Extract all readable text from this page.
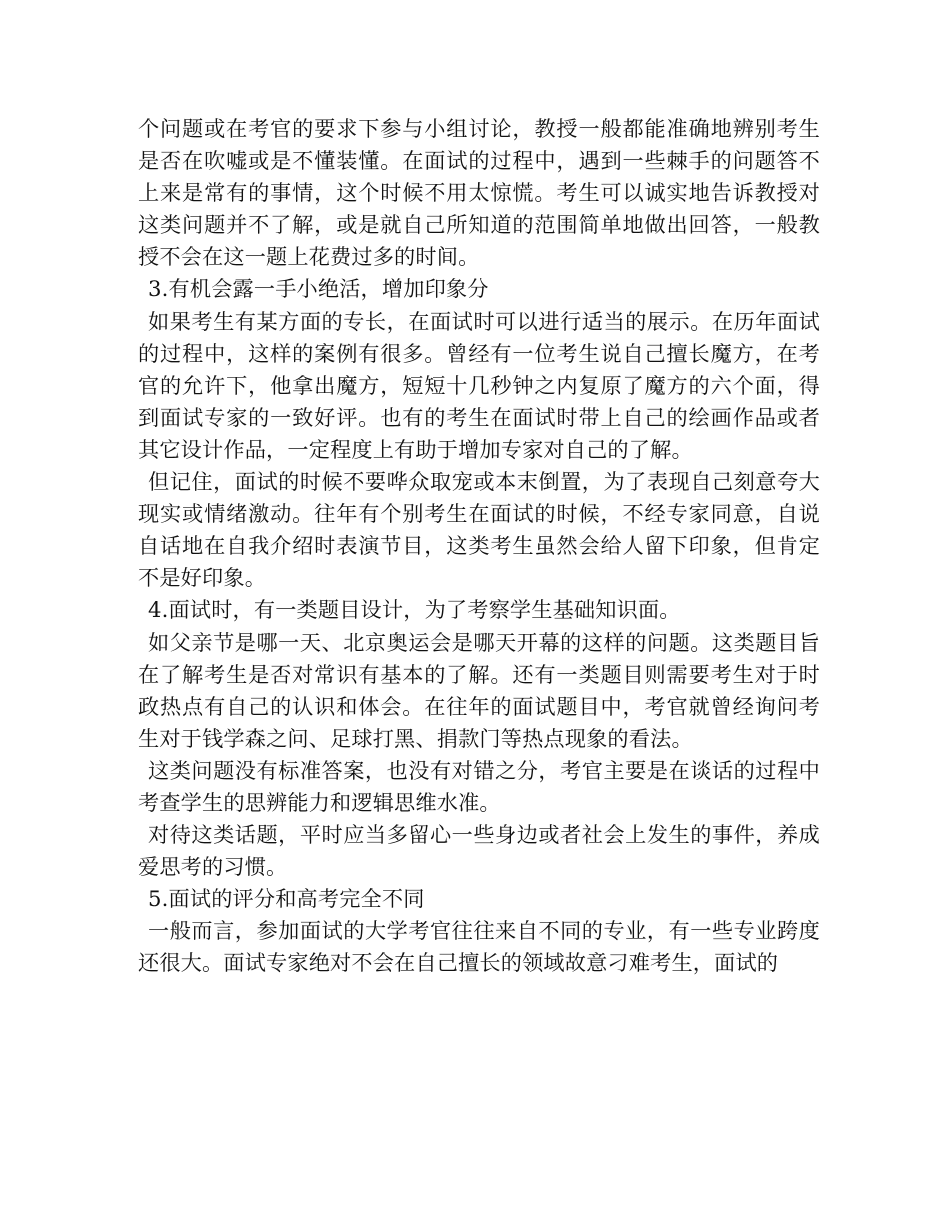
个问题或在考官的要求下参与小组讨论，教授一般都能准确地辨别考生是否在吹嘘或是不懂装懂。在面试的过程中，遇到一些棘手的问题答不上来是常有的事情，这个时候不用太惊慌。考生可以诚实地告诉教授对这类问题并不了解，或是就自己所知道的范围简单地做出回答，一般教授不会在这一题上花费过多的时间。

3.有机会露一手小绝活，增加印象分

如果考生有某方面的专长，在面试时可以进行适当的展示。在历年面试的过程中，这样的案例有很多。曾经有一位考生说自己擅长魔方，在考官的允许下，他拿出魔方，短短十几秒钟之内复原了魔方的六个面，得到面试专家的一致好评。也有的考生在面试时带上自己的绘画作品或者其它设计作品，一定程度上有助于增加专家对自己的了解。

但记住，面试的时候不要哗众取宠或本末倒置，为了表现自己刻意夸大现实或情绪激动。往年有个别考生在面试的时候，不经专家同意，自说自话地在自我介绍时表演节目，这类考生虽然会给人留下印象，但肯定不是好印象。

4.面试时，有一类题目设计，为了考察学生基础知识面。

如父亲节是哪一天、北京奥运会是哪天开幕的这样的问题。这类题目旨在了解考生是否对常识有基本的了解。还有一类题目则需要考生对于时政热点有自己的认识和体会。在往年的面试题目中，考官就曾经询问考生对于钱学森之问、足球打黑、捐款门等热点现象的看法。

这类问题没有标准答案，也没有对错之分，考官主要是在谈话的过程中考查学生的思辨能力和逻辑思维水准。

对待这类话题，平时应当多留心一些身边或者社会上发生的事件，养成爱思考的习惯。

5.面试的评分和高考完全不同

一般而言，参加面试的大学考官往往来自不同的专业，有一些专业跨度还很大。面试专家绝对不会在自己擅长的领域故意刁难考生，面试的
